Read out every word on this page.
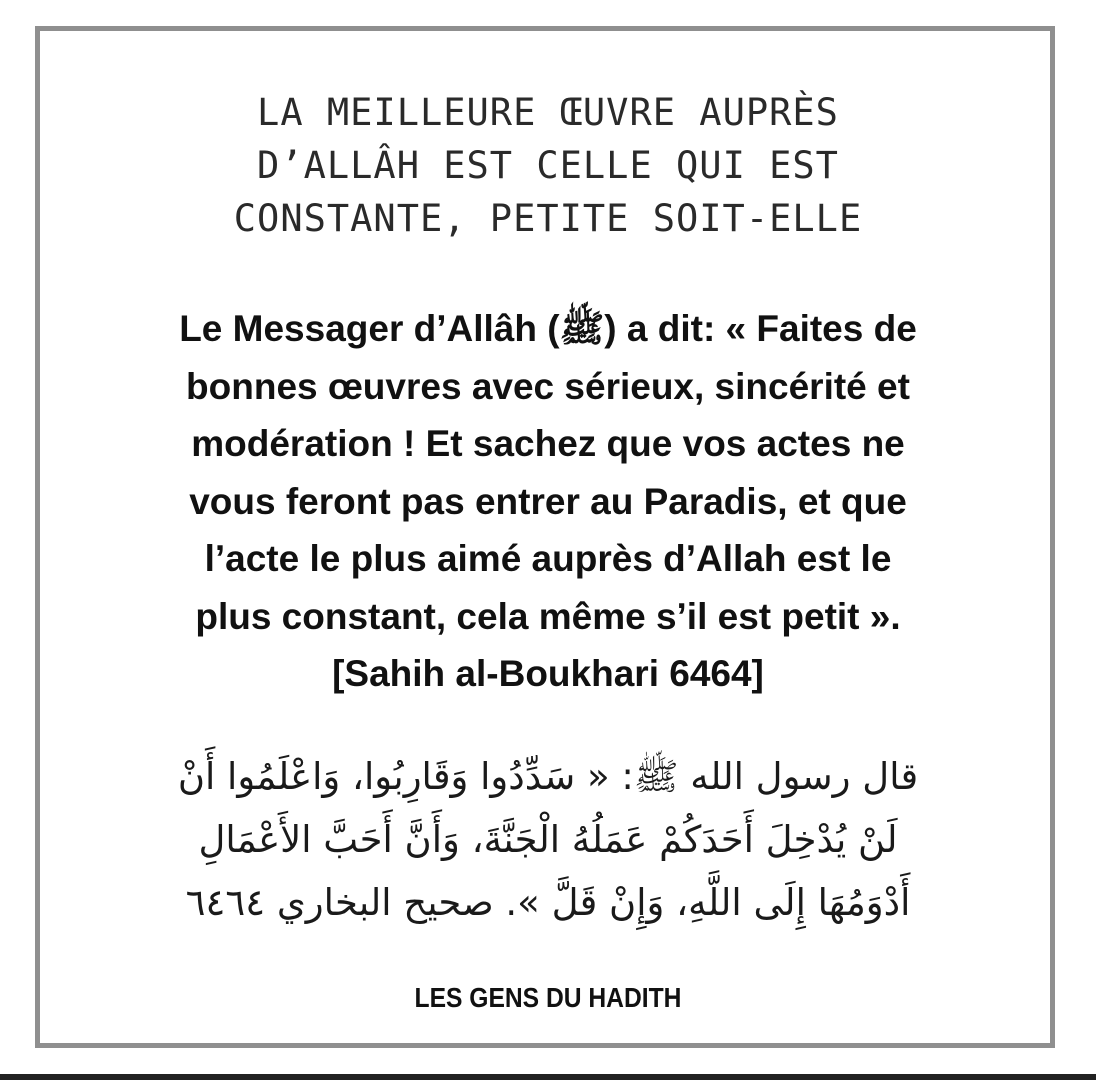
LA MEILLEURE ŒUVRE AUPRÈS
D’ALLÂH EST CELLE QUI EST
CONSTANTE, PETITE SOIT-ELLE
Le Messager d’Allâh (ﷺ) a dit: « Faites de
bonnes œuvres avec sérieux, sincérité et
modération ! Et sachez que vos actes ne
vous feront pas entrer au Paradis, et que
l’acte le plus aimé auprès d’Allah est le
plus constant, cela même s’il est petit ».
[Sahih al-Boukhari 6464]
قال رسول الله ﷺ: « سَدِّدُوا وَقَارِبُوا، وَاعْلَمُوا أَنْ
لَنْ يُدْخِلَ أَحَدَكُمْ عَمَلُهُ الْجَنَّةَ، وَأَنَّ أَحَبَّ الأَعْمَالِ
أَدْوَمُهَا إِلَى اللَّهِ، وَإِنْ قَلَّ ». صحيح البخاري ٦٤٦٤
LES GENS DU HADITH
